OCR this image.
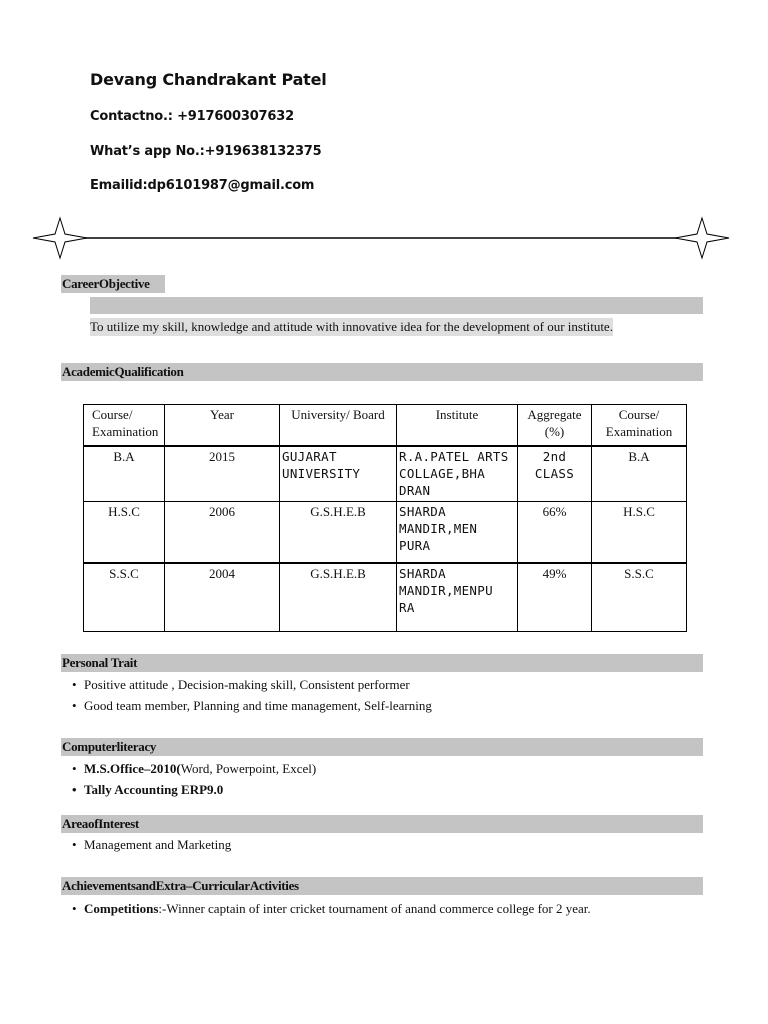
Devang Chandrakant Patel
Contactno.: +917600307632
What’s app No.:+919638132375
Emailid:dp6101987@gmail.com
CareerObjective
To utilize my skill, knowledge and attitude with innovative idea for the development of our institute.
AcademicQualification
Course/ Examination	Year	University/ Board	Institute	Aggregate (%)	Course/ Examination
B.A	2015	GUJARAT UNIVERSITY	R.A.PATEL ARTS COLLAGE,BHA DRAN	2nd CLASS	B.A
H.S.C	2006	G.S.H.E.B	SHARDA MANDIR,MEN PURA	66%	H.S.C
S.S.C	2004	G.S.H.E.B	SHARDA MANDIR,MENPU RA	49%	S.S.C
Personal Trait
• Positive attitude , Decision-making skill, Consistent performer
• Good team member, Planning and time management, Self-learning
Computerliteracy
• M.S.Office–2010(Word, Powerpoint, Excel)
• Tally Accounting ERP9.0
AreaofInterest
• Management and Marketing
AchievementsandExtra–CurricularActivities
• Competitions:-Winner captain of inter cricket tournament of anand commerce college for 2 year.
